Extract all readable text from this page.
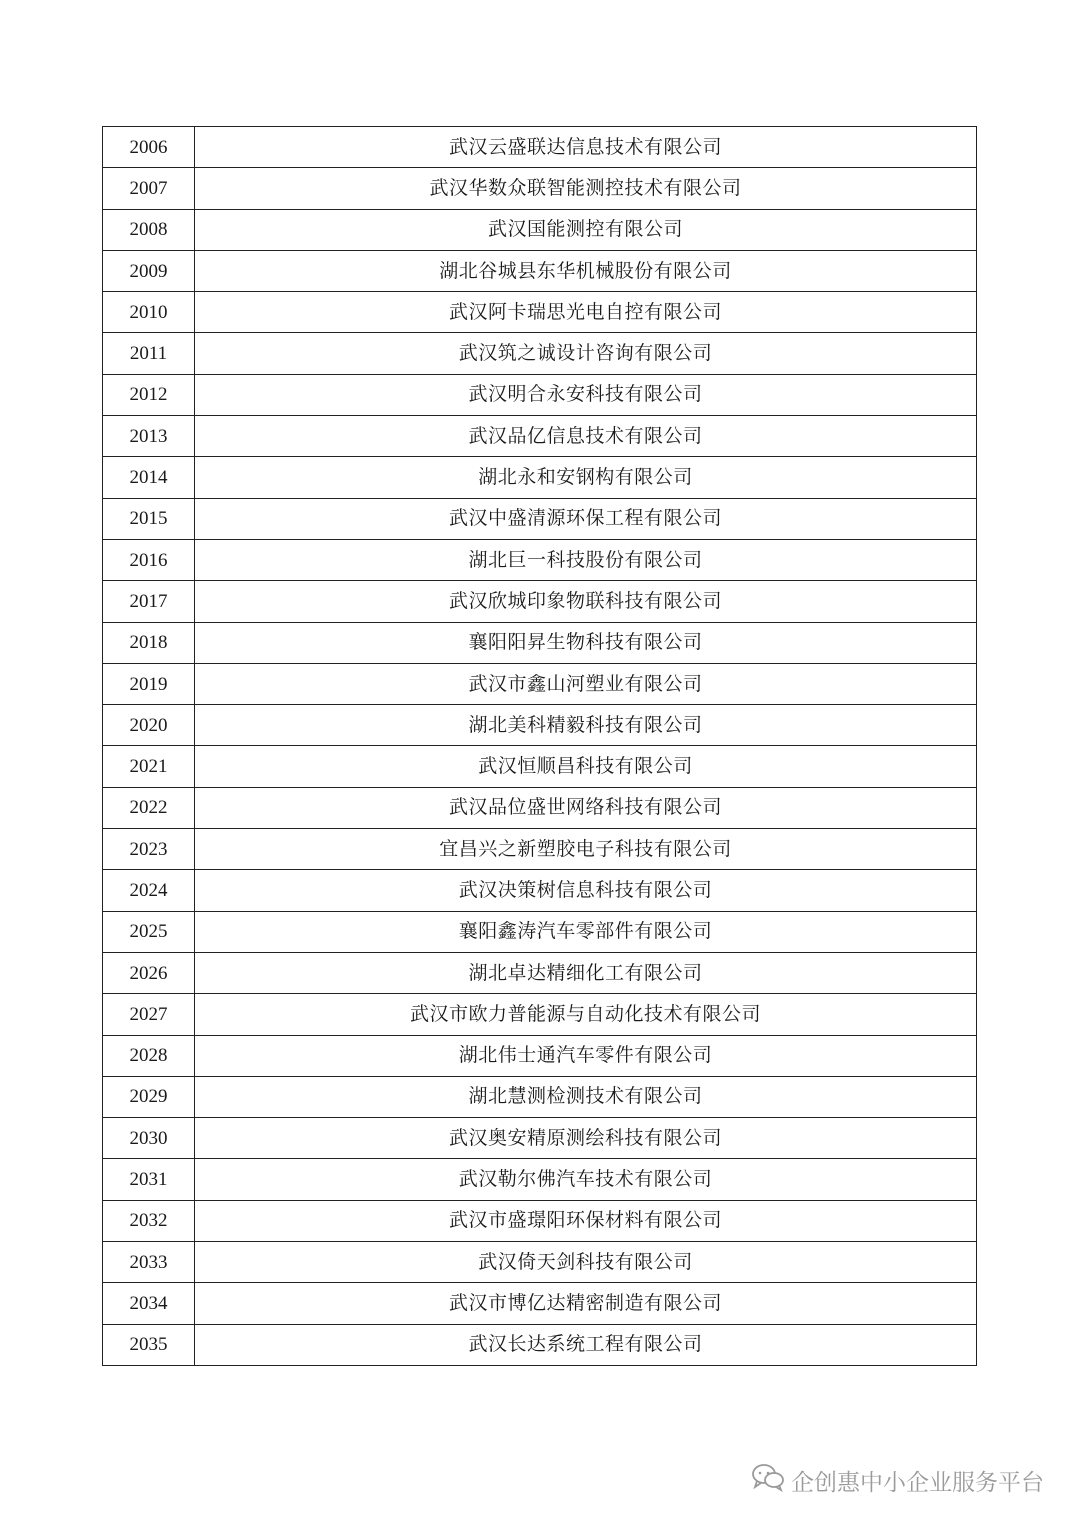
2006	武汉云盛联达信息技术有限公司
2007	武汉华数众联智能测控技术有限公司
2008	武汉国能测控有限公司
2009	湖北谷城县东华机械股份有限公司
2010	武汉阿卡瑞思光电自控有限公司
2011	武汉筑之诚设计咨询有限公司
2012	武汉明合永安科技有限公司
2013	武汉品亿信息技术有限公司
2014	湖北永和安钢构有限公司
2015	武汉中盛清源环保工程有限公司
2016	湖北巨一科技股份有限公司
2017	武汉欣城印象物联科技有限公司
2018	襄阳阳昇生物科技有限公司
2019	武汉市鑫山河塑业有限公司
2020	湖北美科精毅科技有限公司
2021	武汉恒顺昌科技有限公司
2022	武汉品位盛世网络科技有限公司
2023	宜昌兴之新塑胶电子科技有限公司
2024	武汉决策树信息科技有限公司
2025	襄阳鑫涛汽车零部件有限公司
2026	湖北卓达精细化工有限公司
2027	武汉市欧力普能源与自动化技术有限公司
2028	湖北伟士通汽车零件有限公司
2029	湖北慧测检测技术有限公司
2030	武汉奥安精原测绘科技有限公司
2031	武汉勒尔佛汽车技术有限公司
2032	武汉市盛璟阳环保材料有限公司
2033	武汉倚天剑科技有限公司
2034	武汉市博亿达精密制造有限公司
2035	武汉长达系统工程有限公司
企创惠中小企业服务平台
